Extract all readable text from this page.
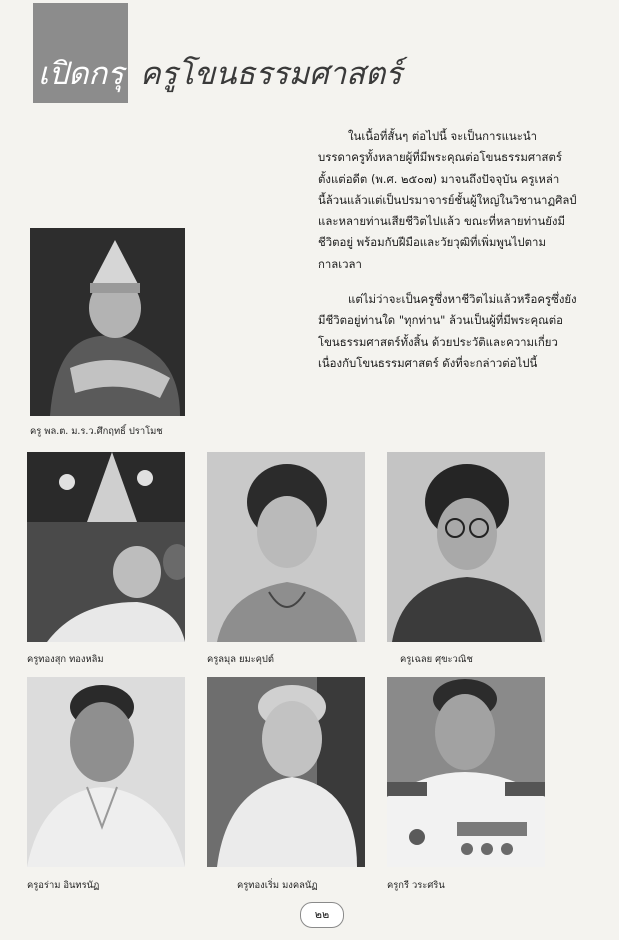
เปิดกรุ ครูโขนธรรมศาสตร์

ในเนื้อที่สั้นๆ ต่อไปนี้ จะเป็นการแนะนำ
บรรดาครูทั้งหลายผู้ที่มีพระคุณต่อโขนธรรมศาสตร์
ตั้งแต่อดีต (พ.ศ. ๒๕๐๗) มาจนถึงปัจจุบัน ครูเหล่า
นี้ล้วนแล้วแต่เป็นปรมาจารย์ชั้นผู้ใหญ่ในวิชานาฏศิลป์
และหลายท่านเสียชีวิตไปแล้ว ขณะที่หลายท่านยังมี
ชีวิตอยู่ พร้อมกับฝีมือและวัยวุฒิที่เพิ่มพูนไปตาม
กาลเวลา

แต่ไม่ว่าจะเป็นครูซึ่งหาชีวิตไม่แล้วหรือครูซึ่งยัง
มีชีวิตอยู่ท่านใด "ทุกท่าน" ล้วนเป็นผู้ที่มีพระคุณต่อ
โขนธรรมศาสตร์ทั้งสิ้น ด้วยประวัติและความเกี่ยว
เนื่องกับโขนธรรมศาสตร์ ดังที่จะกล่าวต่อไปนี้

ครู พล.ต. ม.ร.ว.ศึกฤทธิ์ ปราโมช
ครูทองสุก ทองหลิม	ครูลมุล ยมะคุปต์	ครูเฉลย ศุขะวณิช
ครูอร่าม อินทรนัฏ	ครูทองเริ่ม มงคลนัฏ	ครูกรี วระศริน
๒๒
